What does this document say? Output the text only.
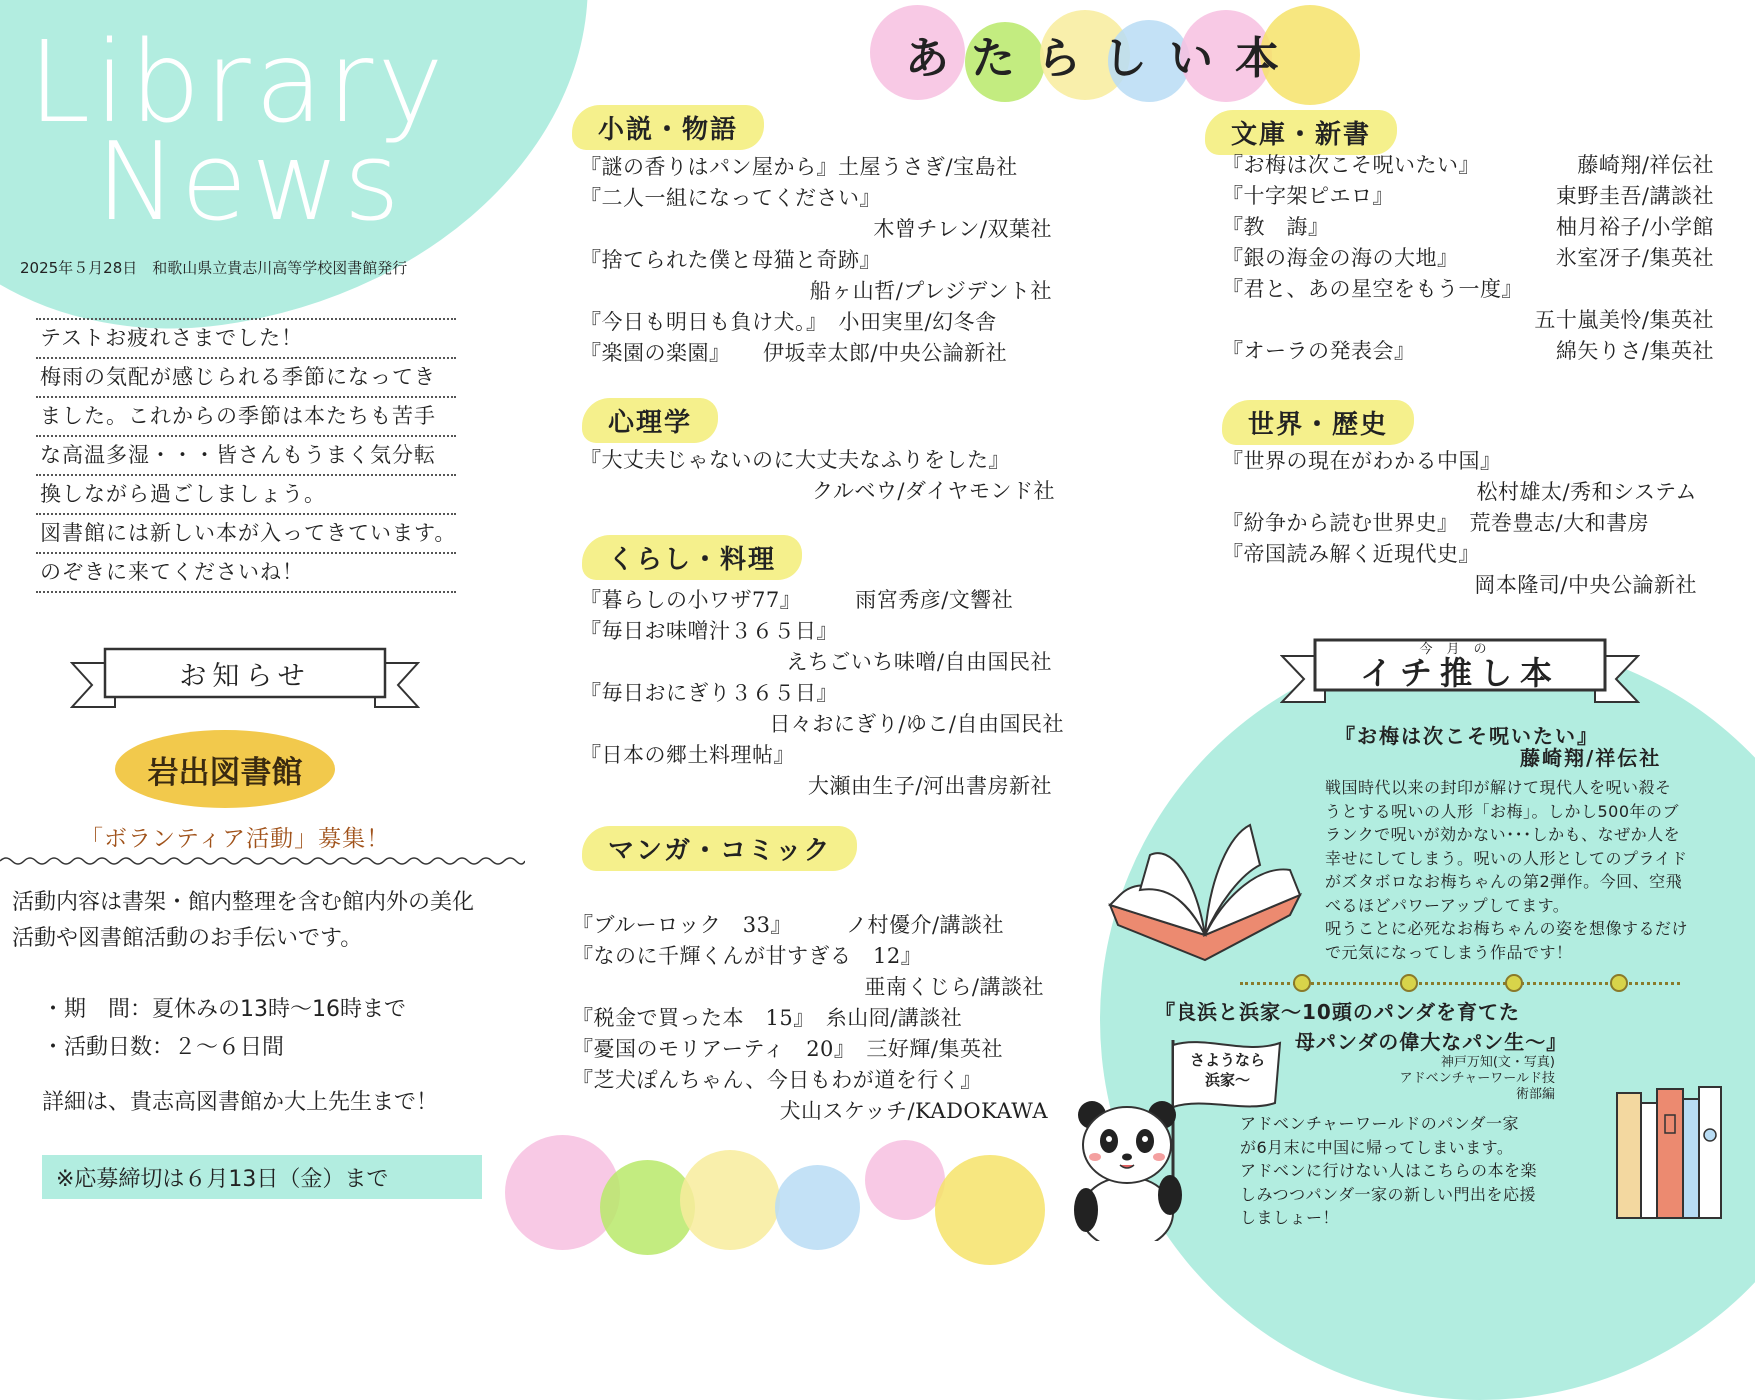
Library
News
2025年５月28日　和歌山県立貴志川高等学校図書館発行
テストお疲れさまでした！
梅雨の気配が感じられる季節になってき
ました。これからの季節は本たちも苦手
な高温多湿・・・皆さんもうまく気分転
換しながら過ごしましょう。
図書館には新しい本が入ってきています。
のぞきに来てくださいね！
お知らせ
岩出図書館
「ボランティア活動」募集！
活動内容は書架・館内整理を含む館内外の美化
活動や図書館活動のお手伝いです。
・期　間：夏休みの13時～16時まで
・活動日数：２～６日間
詳細は、貴志高図書館か大上先生まで！
※応募締切は６月13日（金）まで
あたらしい本
小説・物語
『謎の香りはパン屋から』土屋うさぎ/宝島社
『二人一組になってください』
木曾チレン/双葉社
『捨てられた僕と母猫と奇跡』
船ヶ山哲/プレジデント社
『今日も明日も負け犬。』　小田実里/幻冬舎
『楽園の楽園』　　伊坂幸太郎/中央公論新社
心理学
『大丈夫じゃないのに大丈夫なふりをした』
クルベウ/ダイヤモンド社
くらし・料理
『暮らしの小ワザ77』　　　雨宮秀彦/文響社
『毎日お味噌汁３６５日』
えちごいち味噌/自由国民社
『毎日おにぎり３６５日』
日々おにぎり/ゆこ/自由国民社
『日本の郷土料理帖』
大瀬由生子/河出書房新社
マンガ・コミック
『ブルーロック　33』　　　ノ村優介/講談社
『なのに千輝くんが甘すぎる　12』
亜南くじら/講談社
『税金で買った本　15』　糸山冏/講談社
『憂国のモリアーティ　20』　三好輝/集英社
『芝犬ぽんちゃん、今日もわが道を行く』
犬山スケッチ/KADOKAWA
文庫・新書
『お梅は次こそ呪いたい』	藤崎翔/祥伝社
『十字架ピエロ』	東野圭吾/講談社
『教　誨』	柚月裕子/小学館
『銀の海金の海の大地』	氷室冴子/集英社
『君と、あの星空をもう一度』
五十嵐美怜/集英社
『オーラの発表会』	綿矢りさ/集英社
世界・歴史
『世界の現在がわかる中国』
松村雄太/秀和システム
『紛争から読む世界史』　荒巻豊志/大和書房
『帝国読み解く近現代史』
岡本隆司/中央公論新社
今月の
イチ推し本
『お梅は次こそ呪いたい』
藤崎翔/祥伝社
戦国時代以来の封印が解けて現代人を呪い殺そ
うとする呪いの人形「お梅」。しかし500年のブ
ランクで呪いが効かない･･･しかも、なぜか人を
幸せにしてしまう。呪いの人形としてのプライド
がズタボロなお梅ちゃんの第2弾作。今回、空飛
べるほどパワーアップしてます。
呪うことに必死なお梅ちゃんの姿を想像するだけ
で元気になってしまう作品です！
『良浜と浜家～10頭のパンダを育てた
母パンダの偉大なパン生～』
神戸万知(文・写真)
アドベンチャーワールド技
術部編
アドベンチャーワールドのパンダ一家
が6月末に中国に帰ってしまいます。
アドベンに行けない人はこちらの本を楽
しみつつパンダ一家の新しい門出を応援
しましょー！
さようなら
浜家～
